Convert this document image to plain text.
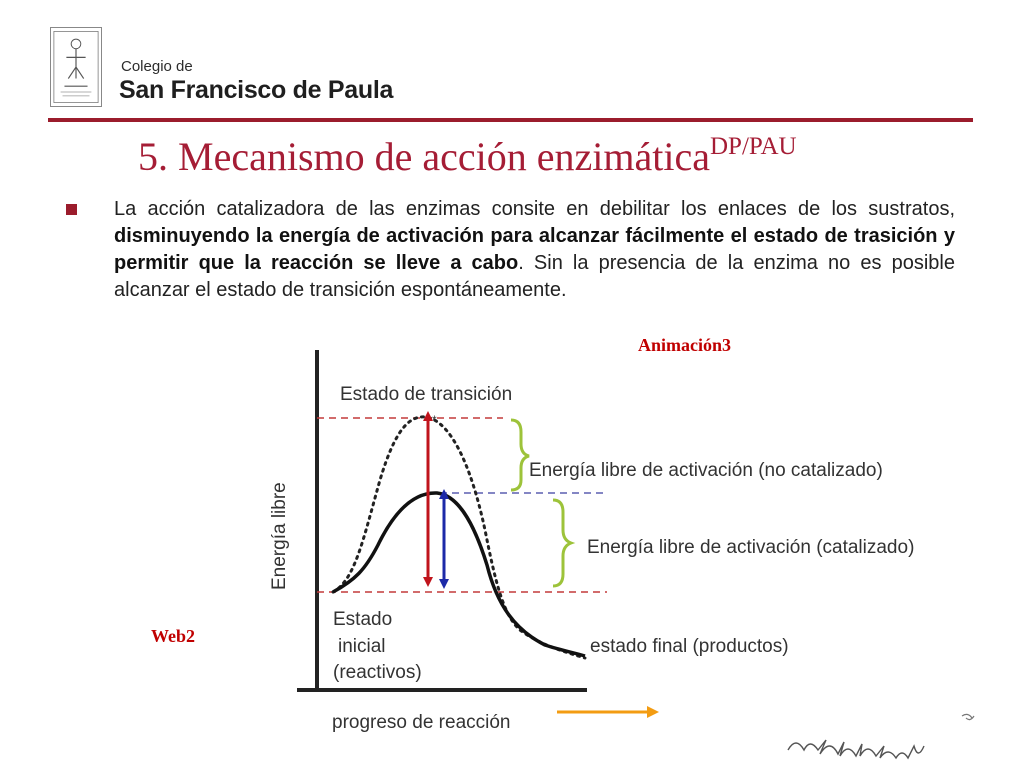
Colegio de
San Francisco de Paula
5. Mecanismo de acción enzimática$^{DP/PAU}$
La acción catalizadora de las enzimas consite en debilitar los enlaces de los sustratos, disminuyendo la energía de activación para alcanzar fácilmente el estado de trasición y permitir que la reacción se lleve a cabo. Sin la presencia de la enzima no es posible alcanzar el estado de transición espontáneamente.
Animación3
Web2
*
Energía libre
Estado de transición
Energía libre de activación (no catalizado)
Energía libre de activación (catalizado)
Estado
inicial
(reactivos)
estado final (productos)
progreso de reacción
